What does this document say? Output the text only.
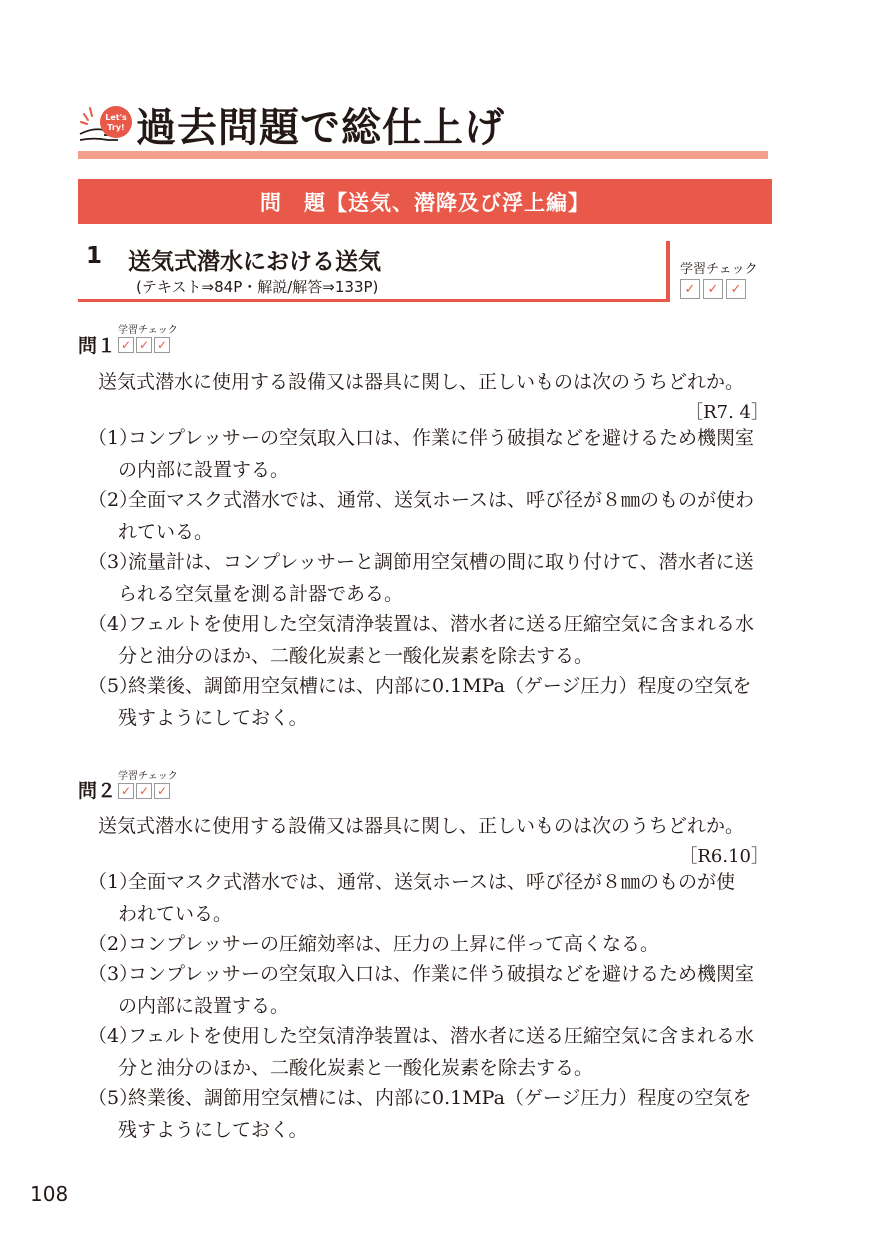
Let's
Try! 過去問題で総仕上げ
問　題【送気、潜降及び浮上編】
1 送気式潜水における送気
(テキスト⇒84P・解説/解答⇒133P)
学習チェック
✓ ✓ ✓
問１
学習チェック
✓ ✓ ✓
送気式潜水に使用する設備又は器具に関し、正しいものは次のうちどれか。
［R7. 4］
（1）コンプレッサーの空気取入口は、作業に伴う破損などを避けるため機関室
の内部に設置する。
（2）全面マスク式潜水では、通常、送気ホースは、呼び径が８㎜のものが使わ
れている。
（3）流量計は、コンプレッサーと調節用空気槽の間に取り付けて、潜水者に送
られる空気量を測る計器である。
（4）フェルトを使用した空気清浄装置は、潜水者に送る圧縮空気に含まれる水
分と油分のほか、二酸化炭素と一酸化炭素を除去する。
（5）終業後、調節用空気槽には、内部に0.1MPa（ゲージ圧力）程度の空気を
残すようにしておく。
問２
学習チェック
✓ ✓ ✓
送気式潜水に使用する設備又は器具に関し、正しいものは次のうちどれか。
［R6.10］
（1）全面マスク式潜水では、通常、送気ホースは、呼び径が８㎜のものが使
われている。
（2）コンプレッサーの圧縮効率は、圧力の上昇に伴って高くなる。
（3）コンプレッサーの空気取入口は、作業に伴う破損などを避けるため機関室
の内部に設置する。
（4）フェルトを使用した空気清浄装置は、潜水者に送る圧縮空気に含まれる水
分と油分のほか、二酸化炭素と一酸化炭素を除去する。
（5）終業後、調節用空気槽には、内部に0.1MPa（ゲージ圧力）程度の空気を
残すようにしておく。
108
